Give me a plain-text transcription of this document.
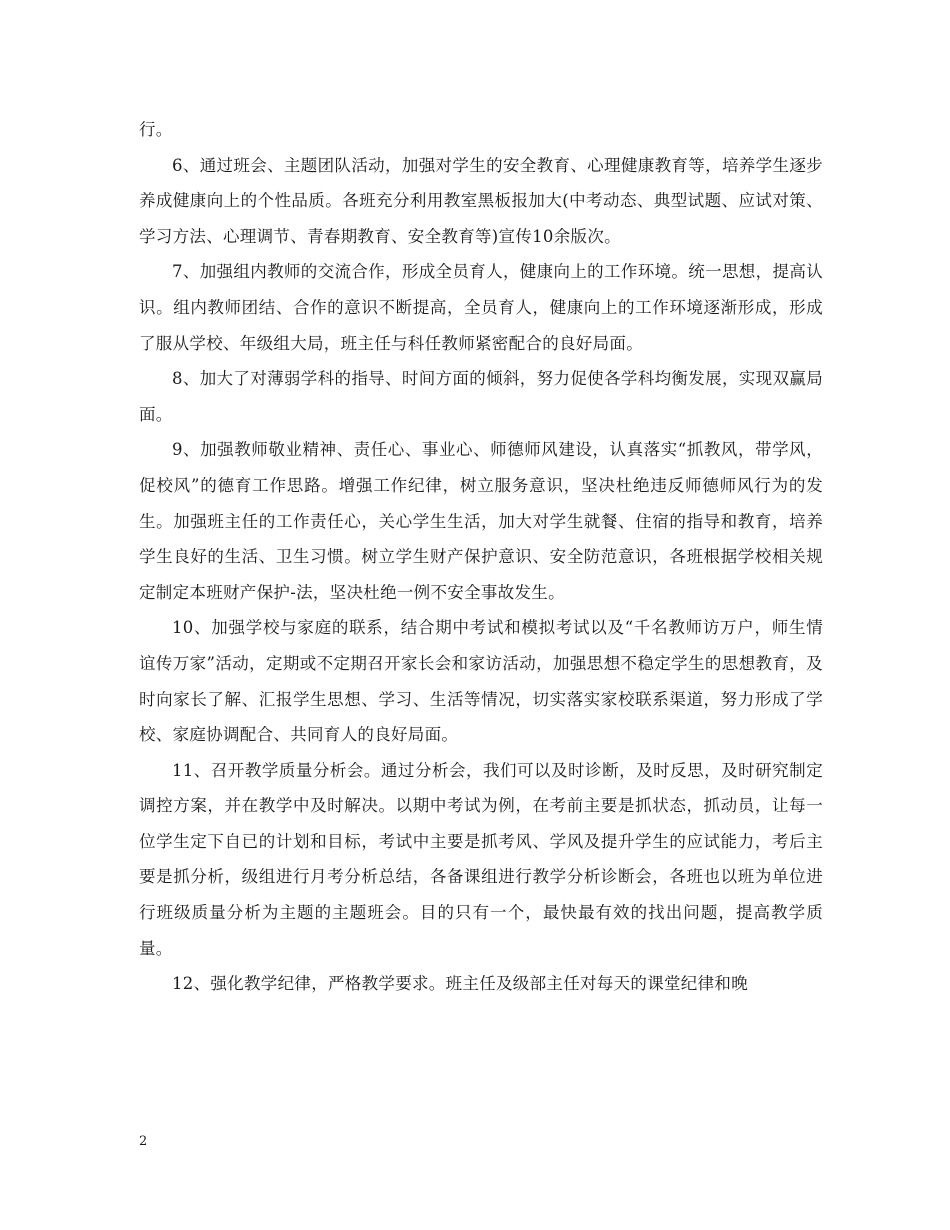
行。

6、通过班会、主题团队活动，加强对学生的安全教育、心理健康教育等，培养学生逐步养成健康向上的个性品质。各班充分利用教室黑板报加大(中考动态、典型试题、应试对策、学习方法、心理调节、青春期教育、安全教育等)宣传10余版次。

7、加强组内教师的交流合作，形成全员育人，健康向上的工作环境。统一思想，提高认识。组内教师团结、合作的意识不断提高，全员育人，健康向上的工作环境逐渐形成，形成了服从学校、年级组大局，班主任与科任教师紧密配合的良好局面。

8、加大了对薄弱学科的指导、时间方面的倾斜，努力促使各学科均衡发展，实现双赢局面。

9、加强教师敬业精神、责任心、事业心、师德师风建设，认真落实“抓教风，带学风，促校风”的德育工作思路。增强工作纪律，树立服务意识，坚决杜绝违反师德师风行为的发生。加强班主任的工作责任心，关心学生生活，加大对学生就餐、住宿的指导和教育，培养学生良好的生活、卫生习惯。树立学生财产保护意识、安全防范意识，各班根据学校相关规定制定本班财产保护-法，坚决杜绝一例不安全事故发生。

10、加强学校与家庭的联系，结合期中考试和模拟考试以及“千名教师访万户，师生情谊传万家”活动，定期或不定期召开家长会和家访活动，加强思想不稳定学生的思想教育，及时向家长了解、汇报学生思想、学习、生活等情况，切实落实家校联系渠道，努力形成了学校、家庭协调配合、共同育人的良好局面。

11、召开教学质量分析会。通过分析会，我们可以及时诊断，及时反思，及时研究制定调控方案，并在教学中及时解决。以期中考试为例，在考前主要是抓状态，抓动员，让每一位学生定下自已的计划和目标，考试中主要是抓考风、学风及提升学生的应试能力，考后主要是抓分析，级组进行月考分析总结，各备课组进行教学分析诊断会，各班也以班为单位进行班级质量分析为主题的主题班会。目的只有一个，最快最有效的找出问题，提高教学质量。

12、强化教学纪律，严格教学要求。班主任及级部主任对每天的课堂纪律和晚

2
